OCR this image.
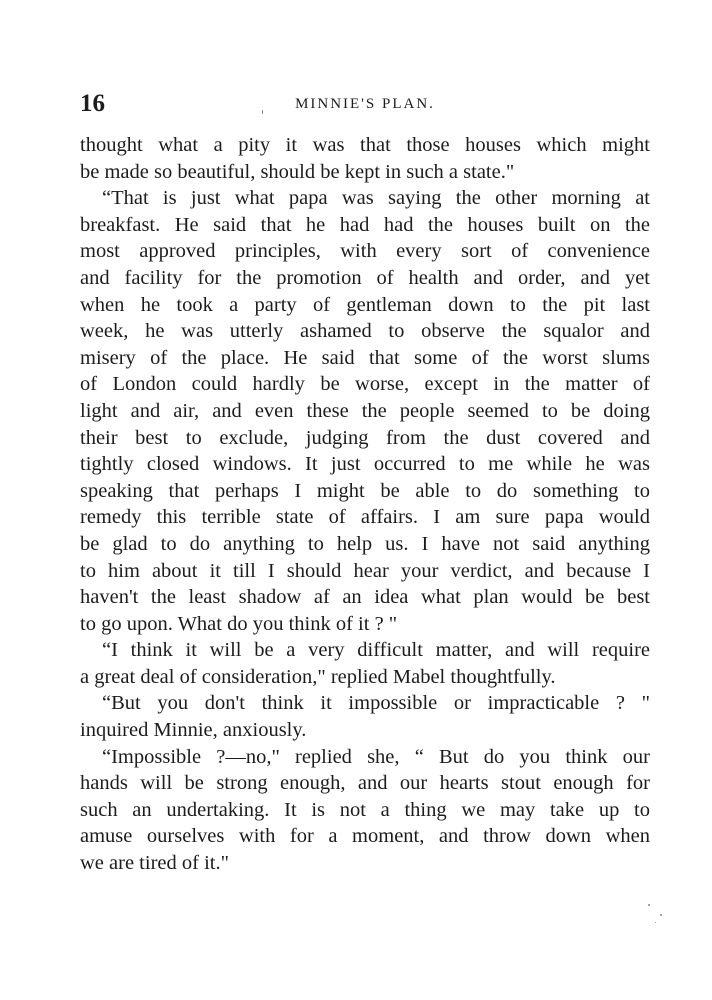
16	MINNIE'S PLAN.

thought what a pity it was that those houses which might
be made so beautiful, should be kept in such a state."

“That is just what papa was saying the other morning at
breakfast. He said that he had had the houses built on the
most approved principles, with every sort of convenience
and facility for the promotion of health and order, and yet
when he took a party of gentleman down to the pit last
week, he was utterly ashamed to observe the squalor and
misery of the place. He said that some of the worst slums
of London could hardly be worse, except in the matter of
light and air, and even these the people seemed to be doing
their best to exclude, judging from the dust covered and
tightly closed windows. It just occurred to me while he was
speaking that perhaps I might be able to do something to
remedy this terrible state of affairs. I am sure papa would
be glad to do anything to help us. I have not said anything
to him about it till I should hear your verdict, and because I
haven't the least shadow af an idea what plan would be best
to go upon. What do you think of it ? "

“I think it will be a very difficult matter, and will require
a great deal of consideration," replied Mabel thoughtfully.

“But you don't think it impossible or impracticable ? "
inquired Minnie, anxiously.

“Impossible ?—no," replied she, “ But do you think our
hands will be strong enough, and our hearts stout enough for
such an undertaking. It is not a thing we may take up to
amuse ourselves with for a moment, and throw down when
we are tired of it."
